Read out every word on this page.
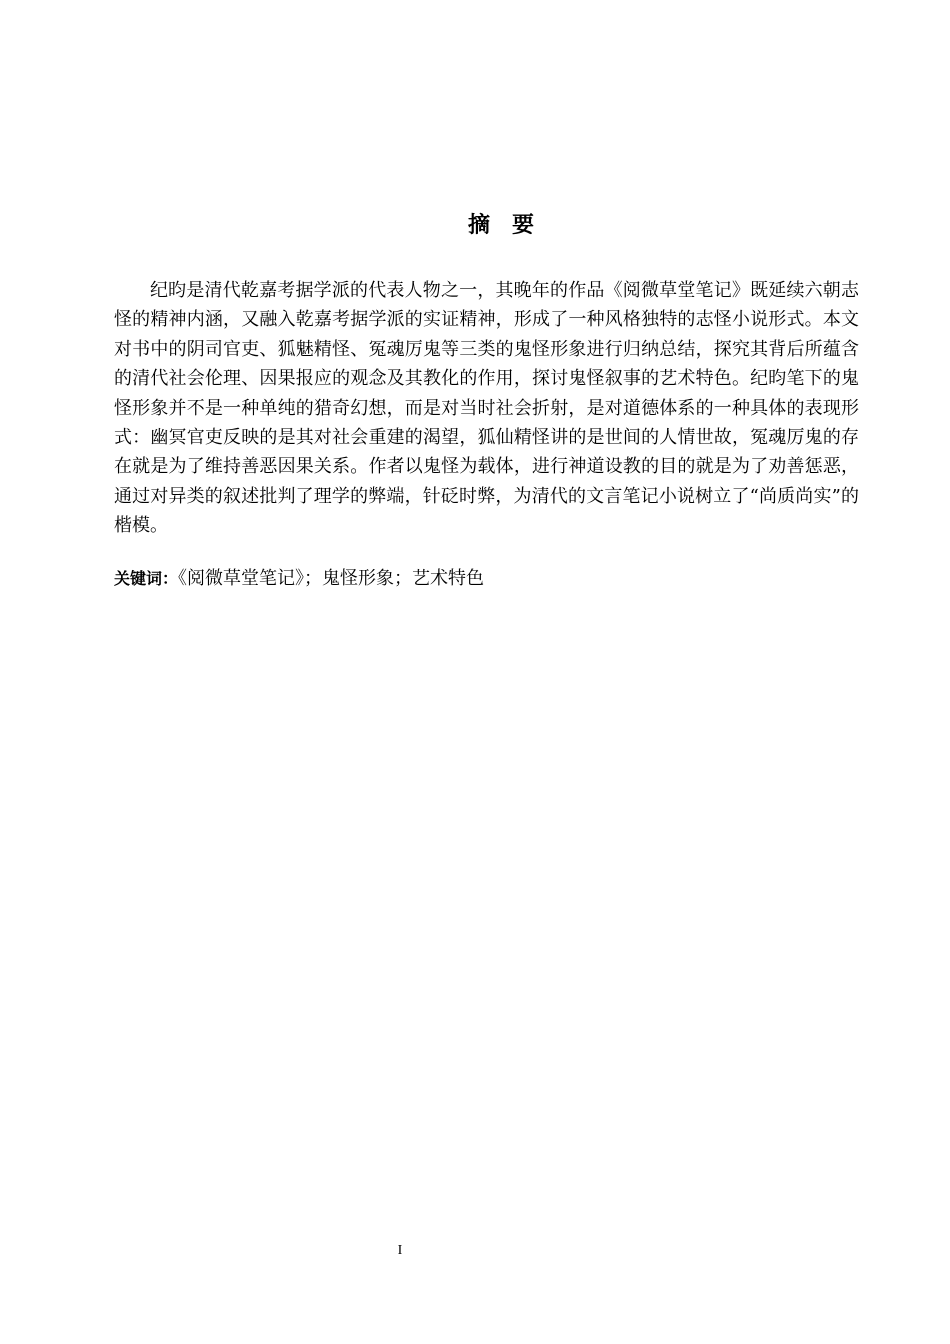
摘要

纪昀是清代乾嘉考据学派的代表人物之一，其晚年的作品《阅微草堂笔记》既延续六朝志怪的精神内涵，又融入乾嘉考据学派的实证精神，形成了一种风格独特的志怪小说形式。本文对书中的阴司官吏、狐魅精怪、冤魂厉鬼等三类的鬼怪形象进行归纳总结，探究其背后所蕴含的清代社会伦理、因果报应的观念及其教化的作用，探讨鬼怪叙事的艺术特色。纪昀笔下的鬼怪形象并不是一种单纯的猎奇幻想，而是对当时社会折射，是对道德体系的一种具体的表现形式：幽冥官吏反映的是其对社会重建的渴望，狐仙精怪讲的是世间的人情世故，冤魂厉鬼的存在就是为了维持善恶因果关系。作者以鬼怪为载体，进行神道设教的目的就是为了劝善惩恶，通过对异类的叙述批判了理学的弊端，针砭时弊，为清代的文言笔记小说树立了“尚质尚实”的楷模。

关键词：《阅微草堂笔记》；鬼怪形象；艺术特色

I
